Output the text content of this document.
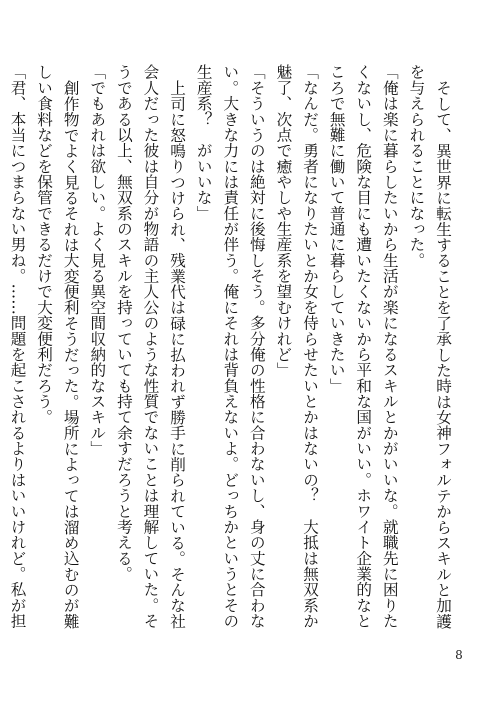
そして、異世界に転生することを了承した時は女神フォルテからスキルと加護を与えられることになった。

「俺は楽に暮らしたいから生活が楽になるスキルとかがいいな。就職先に困りたくないし、危険な目にも遭いたくないから平和な国がいい。ホワイト企業的なところで無難に働いて普通に暮らしていきたい」

「なんだ。勇者になりたいとか女を侍らせたいとかはないの？　大抵は無双系か魅了、次点で癒やしや生産系を望むけれど」

「そういうのは絶対に後悔しそう。多分俺の性格に合わないし、身の丈に合わない。大きな力には責任が伴う。俺にそれは背負えないよ。どっちかというとその生産系？　がいいな」

上司に怒鳴りつけられ、残業代は碌に払われず勝手に削られている。そんな社会人だった彼は自分が物語の主人公のような性質でないことは理解していた。そうである以上、無双系のスキルを持っていても持て余すだろうと考える。

「でもあれは欲しい。よく見る異空間収納的なスキル」

創作物でよく見るそれは大変便利そうだった。場所によっては溜め込むのが難しい食料などを保管できるだけで大変便利だろう。

「君、本当につまらない男ね。……問題を起こされるよりはいいけれど。私が担

8
